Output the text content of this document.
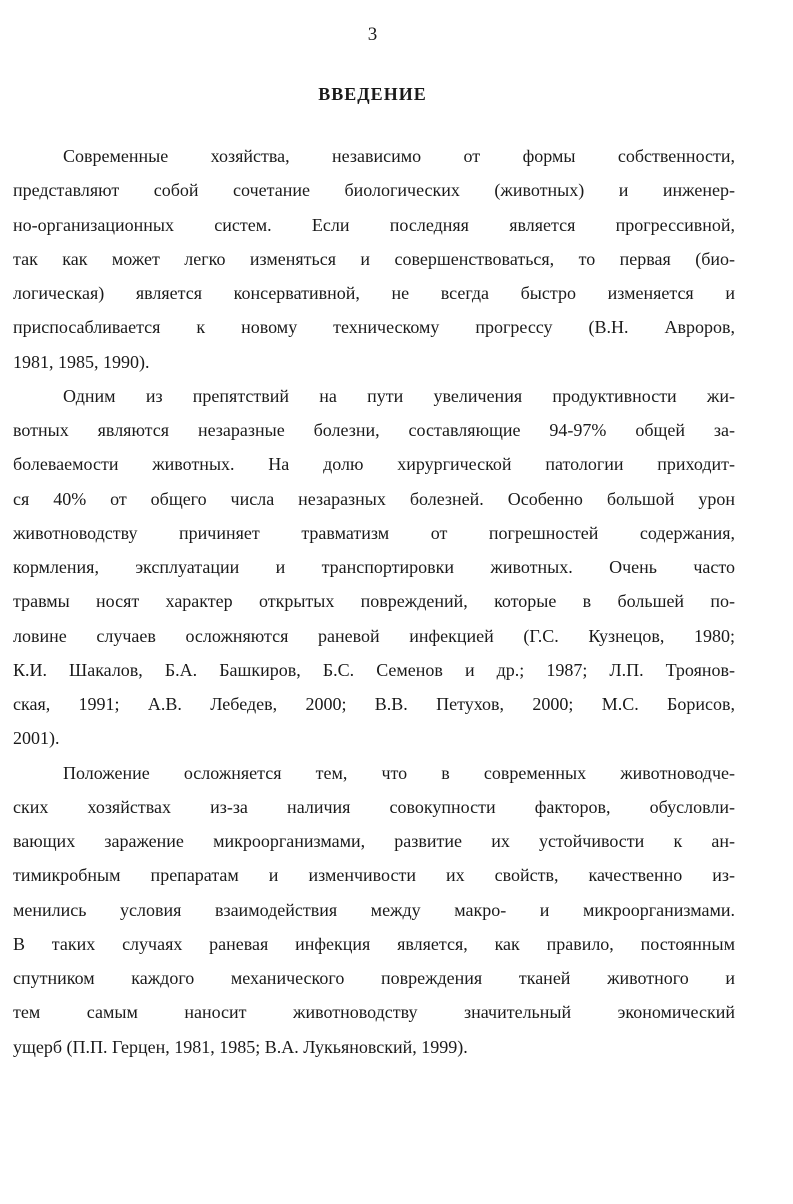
3
ВВЕДЕНИЕ
Современные хозяйства, независимо от формы собственности,
представляют собой сочетание биологических (животных) и инженер-
но-организационных систем. Если последняя является прогрессивной,
так как может легко изменяться и совершенствоваться, то первая (био-
логическая) является консервативной, не всегда быстро изменяется и
приспосабливается к новому техническому прогрессу (В.Н. Авроров,
1981, 1985, 1990).
Одним из препятствий на пути увеличения продуктивности жи-
вотных являются незаразные болезни, составляющие 94-97% общей за-
болеваемости животных. На долю хирургической патологии приходит-
ся 40% от общего числа незаразных болезней. Особенно большой урон
животноводству причиняет травматизм от погрешностей содержания,
кормления, эксплуатации и транспортировки животных. Очень часто
травмы носят характер открытых повреждений, которые в большей по-
ловине случаев осложняются раневой инфекцией (Г.С. Кузнецов, 1980;
К.И. Шакалов, Б.А. Башкиров, Б.С. Семенов и др.; 1987; Л.П. Троянов-
ская, 1991; А.В. Лебедев, 2000; В.В. Петухов, 2000; М.С. Борисов,
2001).
Положение осложняется тем, что в современных животноводче-
ских хозяйствах из-за наличия совокупности факторов, обусловли-
вающих заражение микроорганизмами, развитие их устойчивости к ан-
тимикробным препаратам и изменчивости их свойств, качественно из-
менились условия взаимодействия между макро- и микроорганизмами.
В таких случаях раневая инфекция является, как правило, постоянным
спутником каждого механического повреждения тканей животного и
тем самым наносит животноводству значительный экономический
ущерб (П.П. Герцен, 1981, 1985; В.А. Лукьяновский, 1999).
